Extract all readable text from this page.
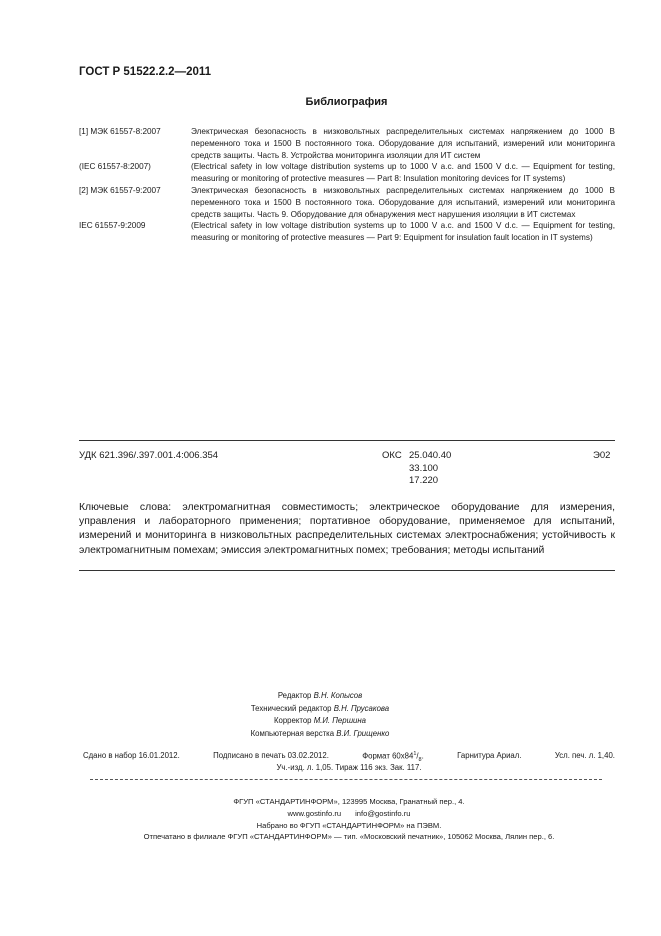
ГОСТ Р 51522.2.2—2011
Библиография
[1] МЭК 61557-8:2007	Электрическая безопасность в низковольтных распределительных системах напряжением до 1000 В переменного тока и 1500 В постоянного тока. Оборудование для испытаний, измерений или мониторинга средств защиты. Часть 8. Устройства мониторинга изоляции для ИТ систем
(IEC 61557-8:2007)	(Electrical safety in low voltage distribution systems up to 1000 V a.c. and 1500 V d.c. — Equipment for testing, measuring or monitoring of protective measures — Part 8: Insulation monitoring devices for IT systems)
[2] МЭК 61557-9:2007	Электрическая безопасность в низковольтных распределительных системах напряжением до 1000 В переменного тока и 1500 В постоянного тока. Оборудование для испытаний, измерений или мониторинга средств защиты. Часть 9. Оборудование для обнаружения мест нарушения изоляции в ИТ системах
IEC 61557-9:2009	(Electrical safety in low voltage distribution systems up to 1000 V a.c. and 1500 V d.c. — Equipment for testing, measuring or monitoring of protective measures — Part 9: Equipment for insulation fault location in IT systems)
УДК 621.396/.397.001.4:006.354	ОКС 25.040.40
33.100
17.220
Э02
Ключевые слова: электромагнитная совместимость; электрическое оборудование для измерения, управления и лабораторного применения; портативное оборудование, применяемое для испытаний, измерений и мониторинга в низковольтных распределительных системах электроснабжения; устойчивость к электромагнитным помехам; эмиссия электромагнитных помех; требования; методы испытаний
Редактор В.Н. Копысов
Технический редактор В.Н. Прусакова
Корректор М.И. Першина
Компьютерная верстка В.И. Грищенко
Сдано в набор 16.01.2012.	Подписано в печать 03.02.2012.	Формат $60x84^1/_8$.	Гарнитура Ариал.	Усл. печ. л. 1,40.
Уч.-изд. л. 1,05. Тираж 116 экз. Зак. 117.
ФГУП «СТАНДАРТИНФОРМ», 123995 Москва, Гранатный пер., 4.
www.gostinfo.ru info@gostinfo.ru
Набрано во ФГУП «СТАНДАРТИНФОРМ» на ПЭВМ.
Отпечатано в филиале ФГУП «СТАНДАРТИНФОРМ» — тип. «Московский печатник», 105062 Москва, Лялин пер., 6.
